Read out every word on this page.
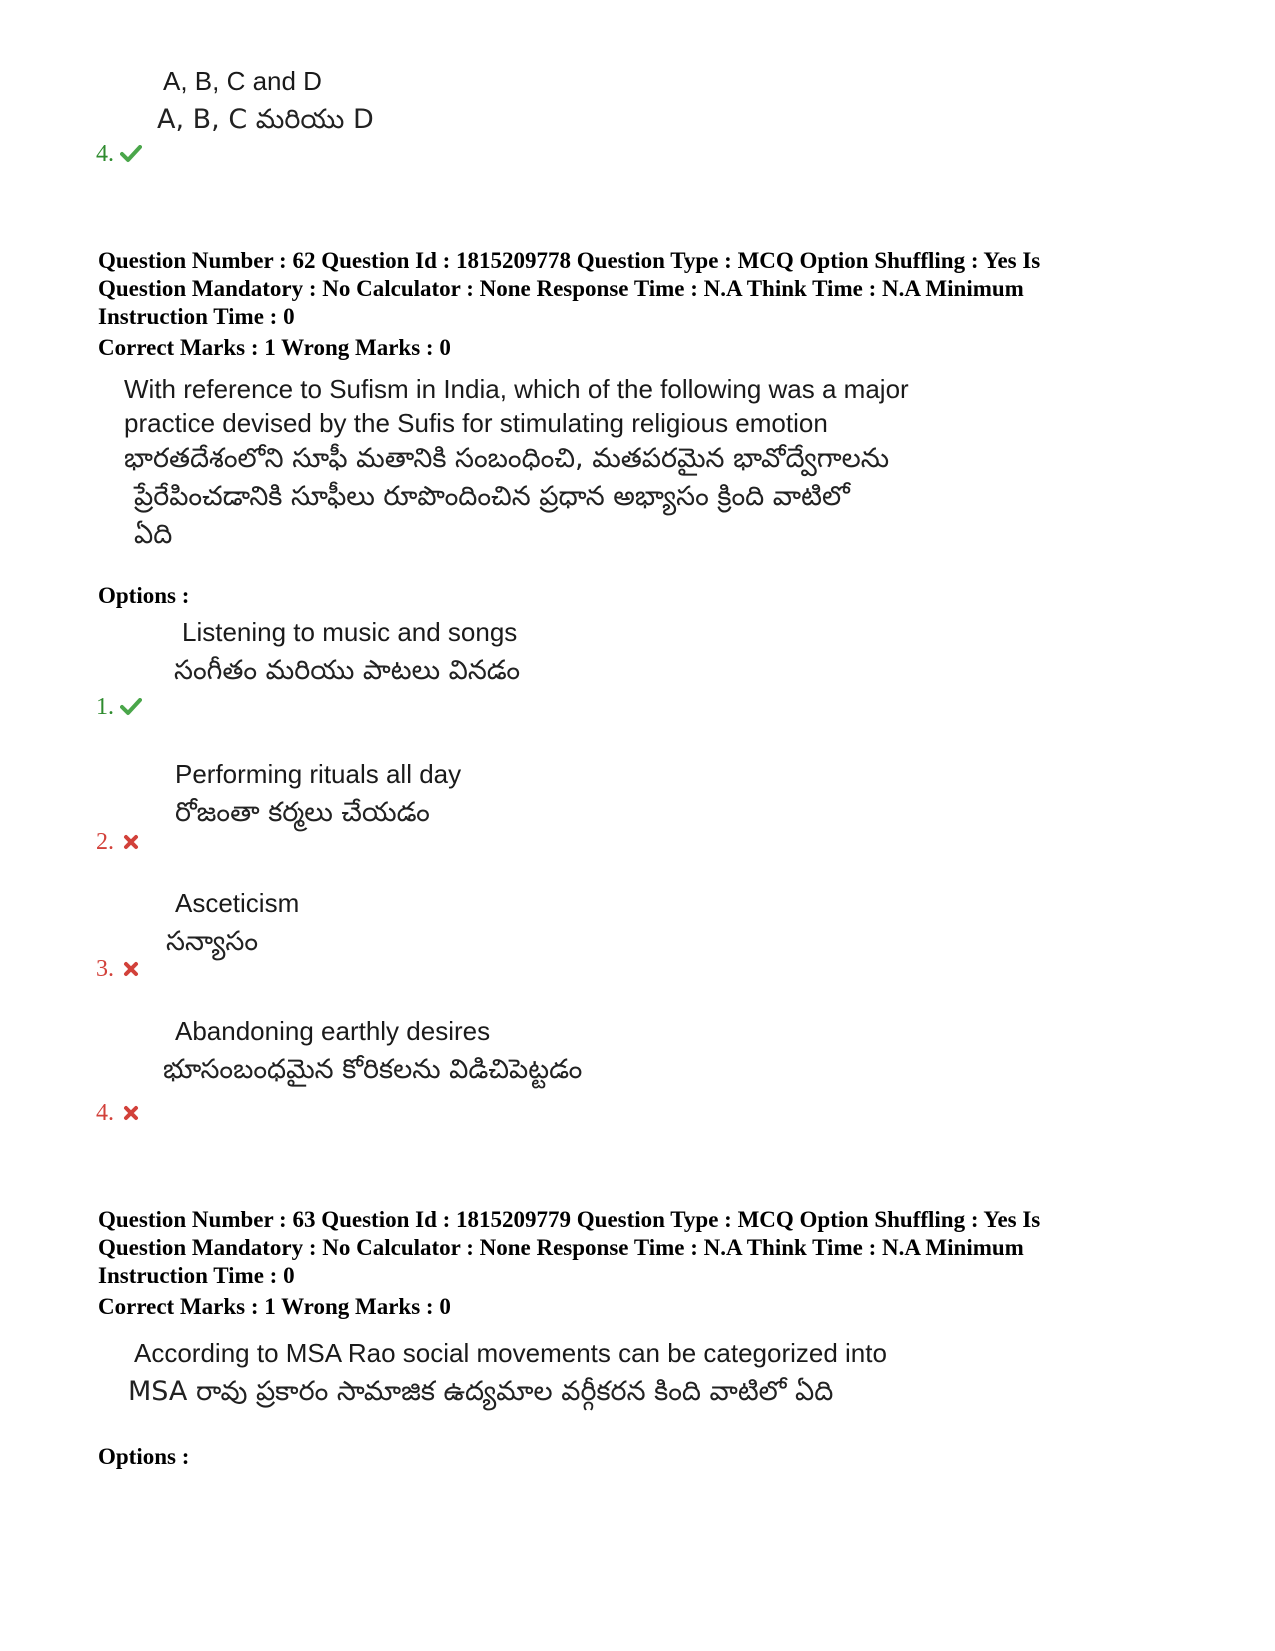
A, B, C and D
A, B, C మరియు D
4.
Question Number : 62 Question Id : 1815209778 Question Type : MCQ Option Shuffling : Yes Is
Question Mandatory : No Calculator : None Response Time : N.A Think Time : N.A Minimum
Instruction Time : 0
Correct Marks : 1 Wrong Marks : 0
With reference to Sufism in India, which of the following was a major
practice devised by the Sufis for stimulating religious emotion
భారతదేశంలోని సూఫీ మతానికి సంబంధించి, మతపరమైన భావోద్వేగాలను
ప్రేరేపించడానికి సూఫీలు రూపొందించిన ప్రధాన అభ్యాసం క్రింది వాటిలో
ఏది
Options :
Listening to music and songs
సంగీతం మరియు పాటలు వినడం
1.
Performing rituals all day
రోజంతా కర్మలు చేయడం
2.
Asceticism
సన్యాసం
3.
Abandoning earthly desires
భూసంబంధమైన కోరికలను విడిచిపెట్టడం
4.
Question Number : 63 Question Id : 1815209779 Question Type : MCQ Option Shuffling : Yes Is
Question Mandatory : No Calculator : None Response Time : N.A Think Time : N.A Minimum
Instruction Time : 0
Correct Marks : 1 Wrong Marks : 0
According to MSA Rao social movements can be categorized into
MSA రావు ప్రకారం సామాజిక ఉద్యమాల వర్గీకరన కింది వాటిలో ఏది
Options :
